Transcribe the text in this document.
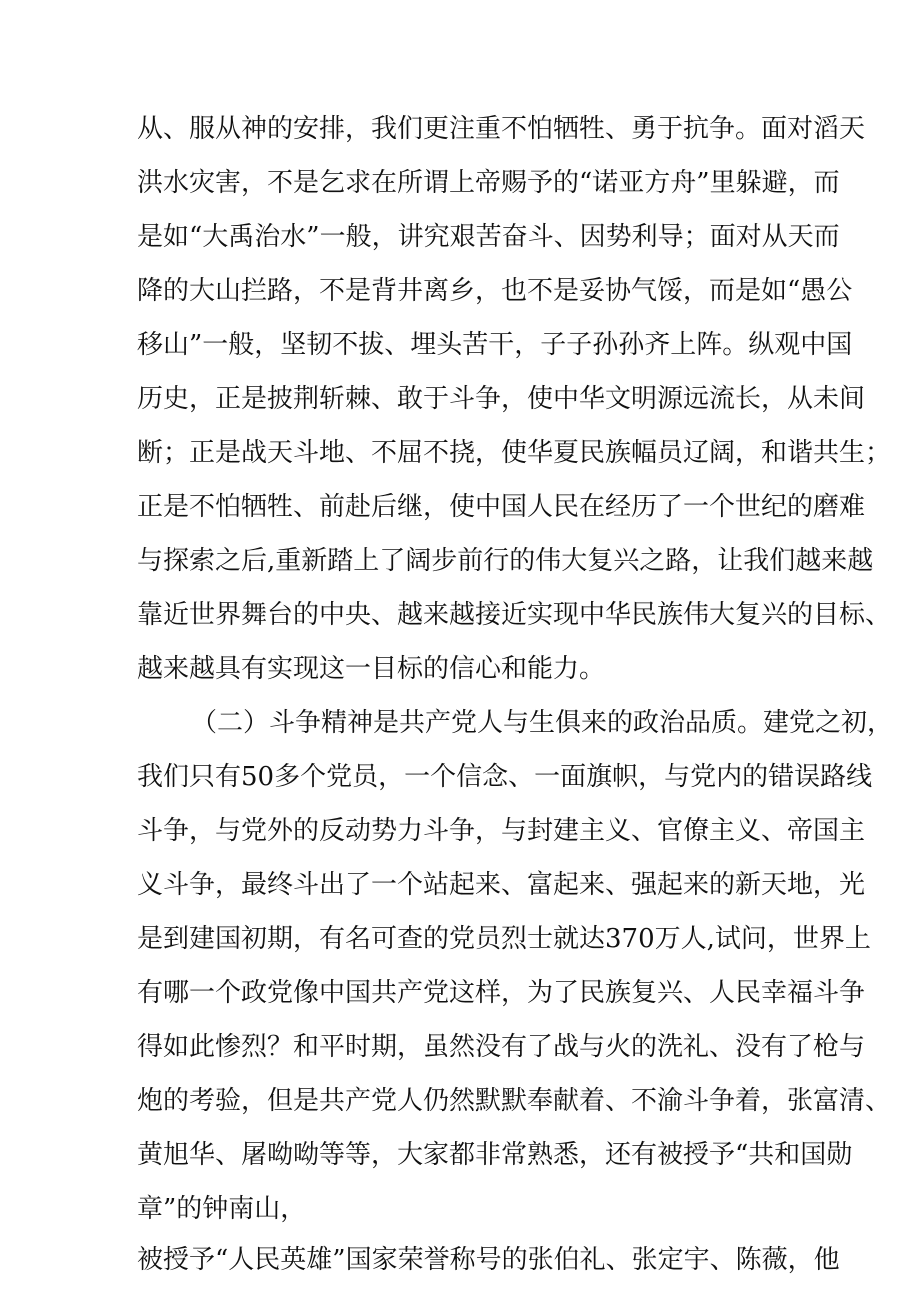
从、服从神的安排，我们更注重不怕牺牲、勇于抗争。面对滔天
洪水灾害，不是乞求在所谓上帝赐予的“诺亚方舟”里躲避，而
是如“大禹治水”一般，讲究艰苦奋斗、因势利导；面对从天而
降的大山拦路，不是背井离乡，也不是妥协气馁，而是如“愚公
移山”一般，坚韧不拔、埋头苦干，子子孙孙齐上阵。纵观中国
历史，正是披荆斩棘、敢于斗争，使中华文明源远流长，从未间
断；正是战天斗地、不屈不挠，使华夏民族幅员辽阔，和谐共生；
正是不怕牺牲、前赴后继，使中国人民在经历了一个世纪的磨难
与探索之后,重新踏上了阔步前行的伟大复兴之路，让我们越来越
靠近世界舞台的中央、越来越接近实现中华民族伟大复兴的目标、
越来越具有实现这一目标的信心和能力。
（二）斗争精神是共产党人与生俱来的政治品质。建党之初，
我们只有50多个党员，一个信念、一面旗帜，与党内的错误路线
斗争，与党外的反动势力斗争，与封建主义、官僚主义、帝国主
义斗争，最终斗出了一个站起来、富起来、强起来的新天地，光
是到建国初期，有名可查的党员烈士就达370万人,试问，世界上
有哪一个政党像中国共产党这样，为了民族复兴、人民幸福斗争
得如此惨烈？和平时期，虽然没有了战与火的洗礼、没有了枪与
炮的考验，但是共产党人仍然默默奉献着、不渝斗争着，张富清、
黄旭华、屠呦呦等等，大家都非常熟悉，还有被授予“共和国勋
章”的钟南山，
被授予“人民英雄”国家荣誉称号的张伯礼、张定宇、陈薇，他
